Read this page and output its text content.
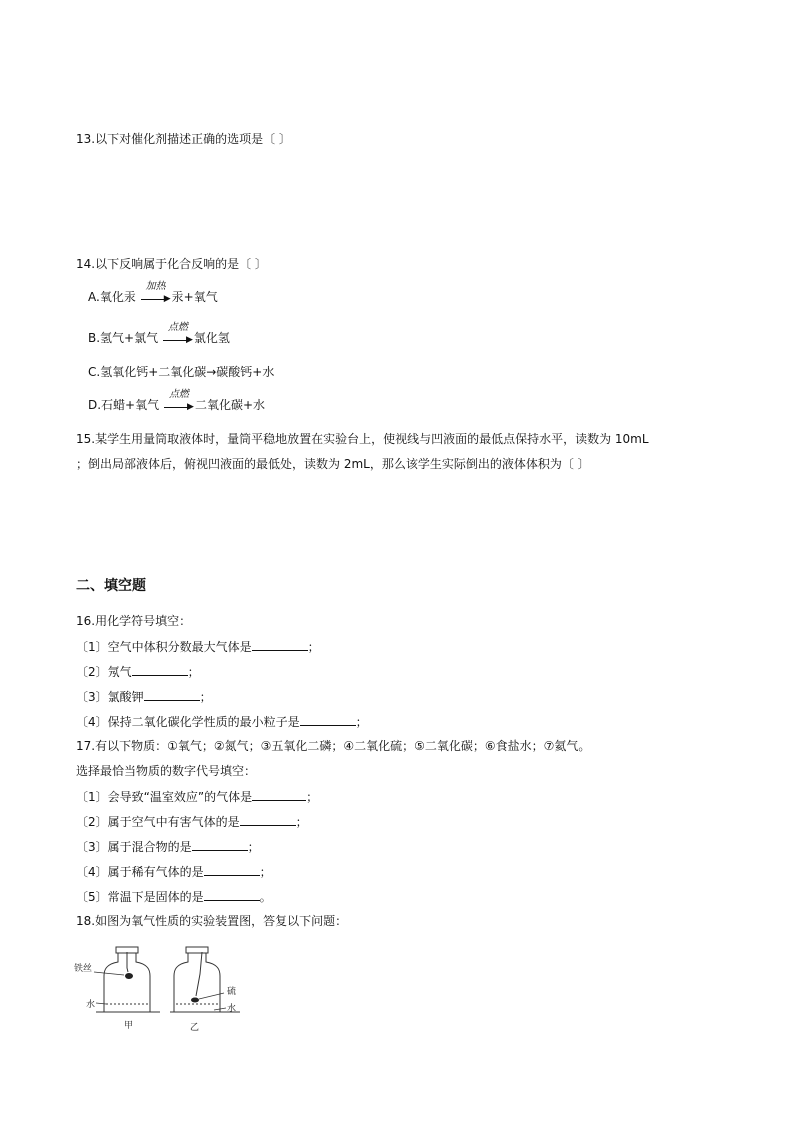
13.以下对催化剂描述正确的选项是〔 〕
14.以下反响属于化合反响的是〔 〕
A.氧化汞
加热
▶ 汞+氧气
B.氢气+氯气
点燃
▶ 氯化氢
C.氢氧化钙+二氧化碳→碳酸钙+水
D.石蜡+氧气
点燃
▶ 二氧化碳+水
15.某学生用量筒取液体时，量筒平稳地放置在实验台上，使视线与凹液面的最低点保持水平，读数为 10mL
；倒出局部液体后，俯视凹液面的最低处，读数为 2mL，那么该学生实际倒出的液体体积为〔 〕
二、填空题
16.用化学符号填空：
〔1〕空气中体积分数最大气体是	；
〔2〕氖气	；
〔3〕氯酸钾	；
〔4〕保持二氧化碳化学性质的最小粒子是	；
17.有以下物质：①氧气；②氮气；③五氧化二磷；④二氧化硫；⑤二氧化碳；⑥食盐水；⑦氦气。
选择最恰当物质的数字代号填空：
〔1〕会导致“温室效应”的气体是	；
〔2〕属于空气中有害气体的是	；
〔3〕属于混合物的是	；
〔4〕属于稀有气体的是	；
〔5〕常温下是固体的是	。
18.如图为氧气性质的实验装置图，答复以下问题：
铁丝
水
甲
硫
水
乙
